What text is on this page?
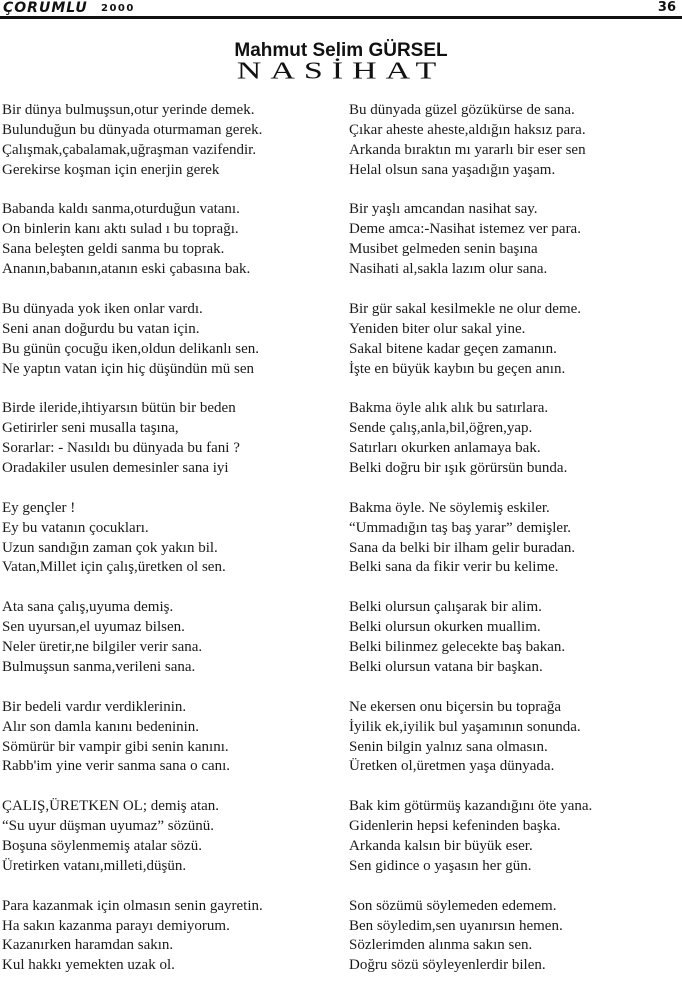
ÇORUMLU 2000	36
Mahmut Selim GÜRSEL
NASİHAT
Bir dünya bulmuşsun,otur yerinde demek.
Bulunduğun bu dünyada oturmaman gerek.
Çalışmak,çabalamak,uğraşman vazifendir.
Gerekirse koşman için enerjin gerek
Babanda kaldı sanma,oturduğun vatanı.
On binlerin kanı aktı sulad ı bu toprağı.
Sana beleşten geldi sanma bu toprak.
Ananın,babanın,atanın eski çabasına bak.
Bu dünyada yok iken onlar vardı.
Seni anan doğurdu bu vatan için.
Bu günün çocuğu iken,oldun delikanlı sen.
Ne yaptın vatan için hiç düşündün mü sen
Birde ileride,ihtiyarsın bütün bir beden
Getirirler seni musalla taşına,
Sorarlar: - Nasıldı bu dünyada bu fani ?
Oradakiler usulen demesinler sana iyi
Ey gençler !
Ey bu vatanın çocukları.
Uzun sandığın zaman çok yakın bil.
Vatan,Millet için çalış,üretken ol sen.
Ata sana çalış,uyuma demiş.
Sen uyursan,el uyumaz bilsen.
Neler üretir,ne bilgiler verir sana.
Bulmuşsun sanma,verileni sana.
Bir bedeli vardır verdiklerinin.
Alır son damla kanını bedeninin.
Sömürür bir vampir gibi senin kanını.
Rabb'im yine verir sanma sana o canı.
ÇALIŞ,ÜRETKEN OL; demiş atan.
“Su uyur düşman uyumaz” sözünü.
Boşuna söylenmemiş atalar sözü.
Üretirken vatanı,milleti,düşün.
Para kazanmak için olmasın senin gayretin.
Ha sakın kazanma parayı demiyorum.
Kazanırken haramdan sakın.
Kul hakkı yemekten uzak ol.
Bu dünyada güzel gözükürse de sana.
Çıkar aheste aheste,aldığın haksız para.
Arkanda bıraktın mı yararlı bir eser sen
Helal olsun sana yaşadığın yaşam.
Bir yaşlı amcandan nasihat say.
Deme amca:-Nasihat istemez ver para.
Musibet gelmeden senin başına
Nasihati al,sakla lazım olur sana.
Bir gür sakal kesilmekle ne olur deme.
Yeniden biter olur sakal yine.
Sakal bitene kadar geçen zamanın.
İşte en büyük kaybın bu geçen anın.
Bakma öyle alık alık bu satırlara.
Sende çalış,anla,bil,öğren,yap.
Satırları okurken anlamaya bak.
Belki doğru bir ışık görürsün bunda.
Bakma öyle. Ne söylemiş eskiler.
“Ummadığın taş baş yarar” demişler.
Sana da belki bir ilham gelir buradan.
Belki sana da fikir verir bu kelime.
Belki olursun çalışarak bir alim.
Belki olursun okurken muallim.
Belki bilinmez gelecekte baş bakan.
Belki olursun vatana bir başkan.
Ne ekersen onu biçersin bu toprağa
İyilik ek,iyilik bul yaşamının sonunda.
Senin bilgin yalnız sana olmasın.
Üretken ol,üretmen yaşa dünyada.
Bak kim götürmüş kazandığını öte yana.
Gidenlerin hepsi kefeninden başka.
Arkanda kalsın bir büyük eser.
Sen gidince o yaşasın her gün.
Son sözümü söylemeden edemem.
Ben söyledim,sen uyanırsın hemen.
Sözlerimden alınma sakın sen.
Doğru sözü söyleyenlerdir bilen.
